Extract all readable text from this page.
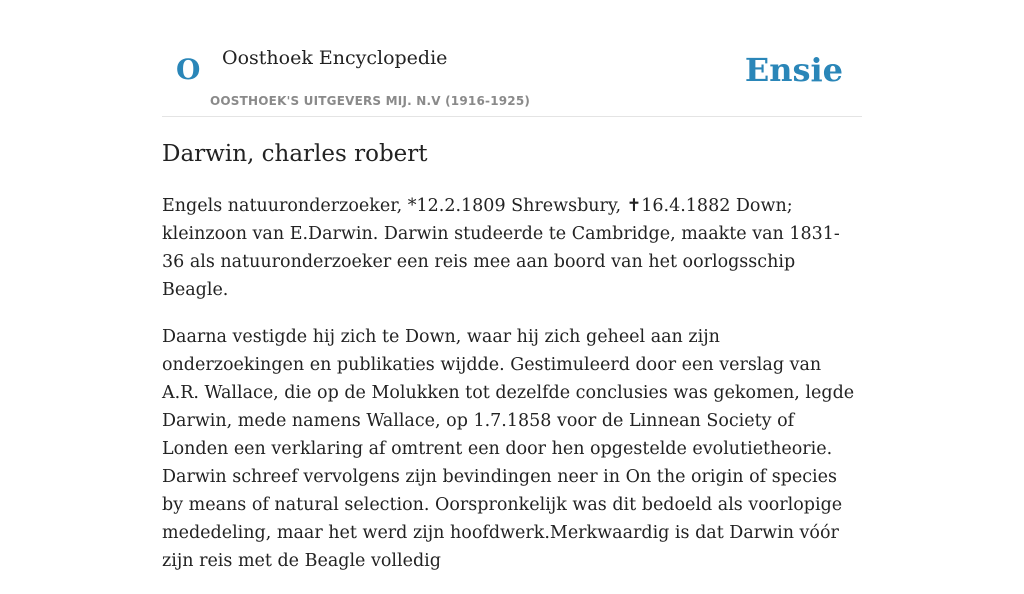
O Oosthoek Encyclopedie
OOSTHOEK'S UITGEVERS MIJ. N.V (1916-1925)
Ensie
Darwin, charles robert

Engels natuuronderzoeker, *12.2.1809 Shrewsbury, ✝16.4.1882 Down; kleinzoon van E.Darwin. Darwin studeerde te Cambridge, maakte van 1831-36 als natuuronderzoeker een reis mee aan boord van het oorlogsschip Beagle.

Daarna vestigde hij zich te Down, waar hij zich geheel aan zijn onderzoekingen en publikaties wijdde. Gestimuleerd door een verslag van A.R. Wallace, die op de Molukken tot dezelfde conclusies was gekomen, legde Darwin, mede namens Wallace, op 1.7.1858 voor de Linnean Society of Londen een verklaring af omtrent een door hen opgestelde evolutietheorie. Darwin schreef vervolgens zijn bevindingen neer in On the origin of species by means of natural selection. Oorspronkelijk was dit bedoeld als voorlopige mededeling, maar het werd zijn hoofdwerk.Merkwaardig is dat Darwin vóór zijn reis met de Beagle volledig
